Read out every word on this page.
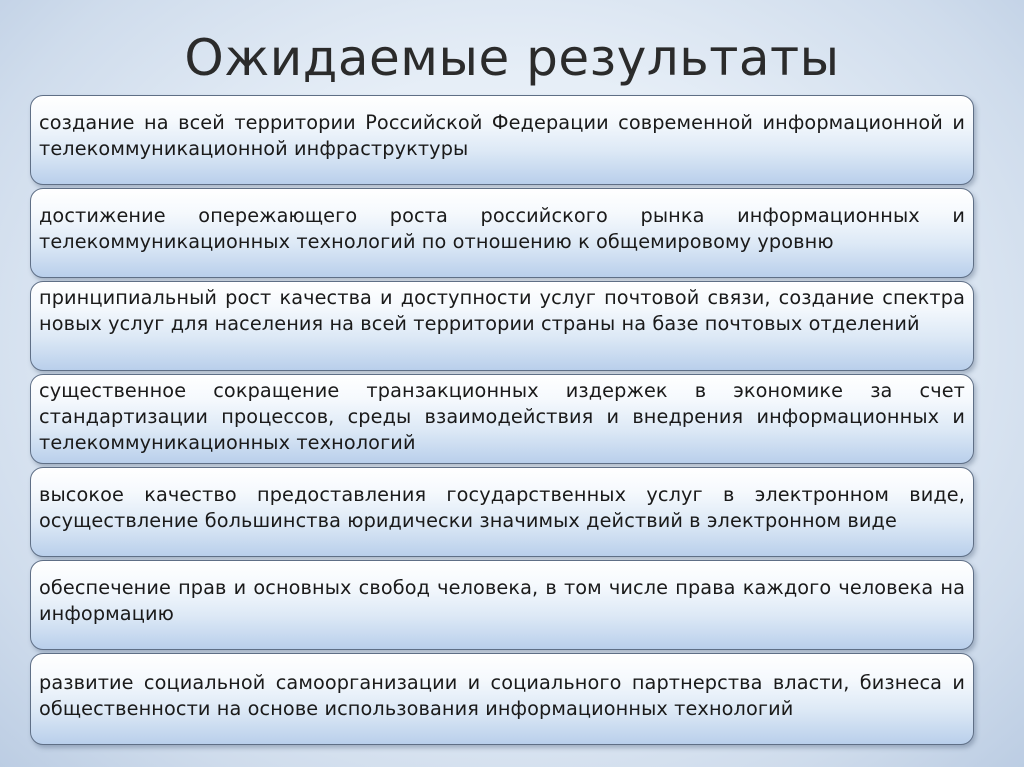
Ожидаемые результаты
создание на всей территории Российской Федерации современной информационной и телекоммуникационной инфраструктуры
достижение опережающего роста российского рынка информационных и телекоммуникационных технологий по отношению к общемировому уровню
принципиальный рост качества и доступности услуг почтовой связи, создание спектра новых услуг для населения на всей территории страны на базе почтовых отделений
существенное сокращение транзакционных издержек в экономике за счет стандартизации процессов, среды взаимодействия и внедрения информационных и телекоммуникационных технологий
высокое качество предоставления государственных услуг в электронном виде, осуществление большинства юридически значимых действий в электронном виде
обеспечение прав и основных свобод человека, в том числе права каждого человека на информацию
развитие социальной самоорганизации и социального партнерства власти, бизнеса и общественности на основе использования информационных технологий
